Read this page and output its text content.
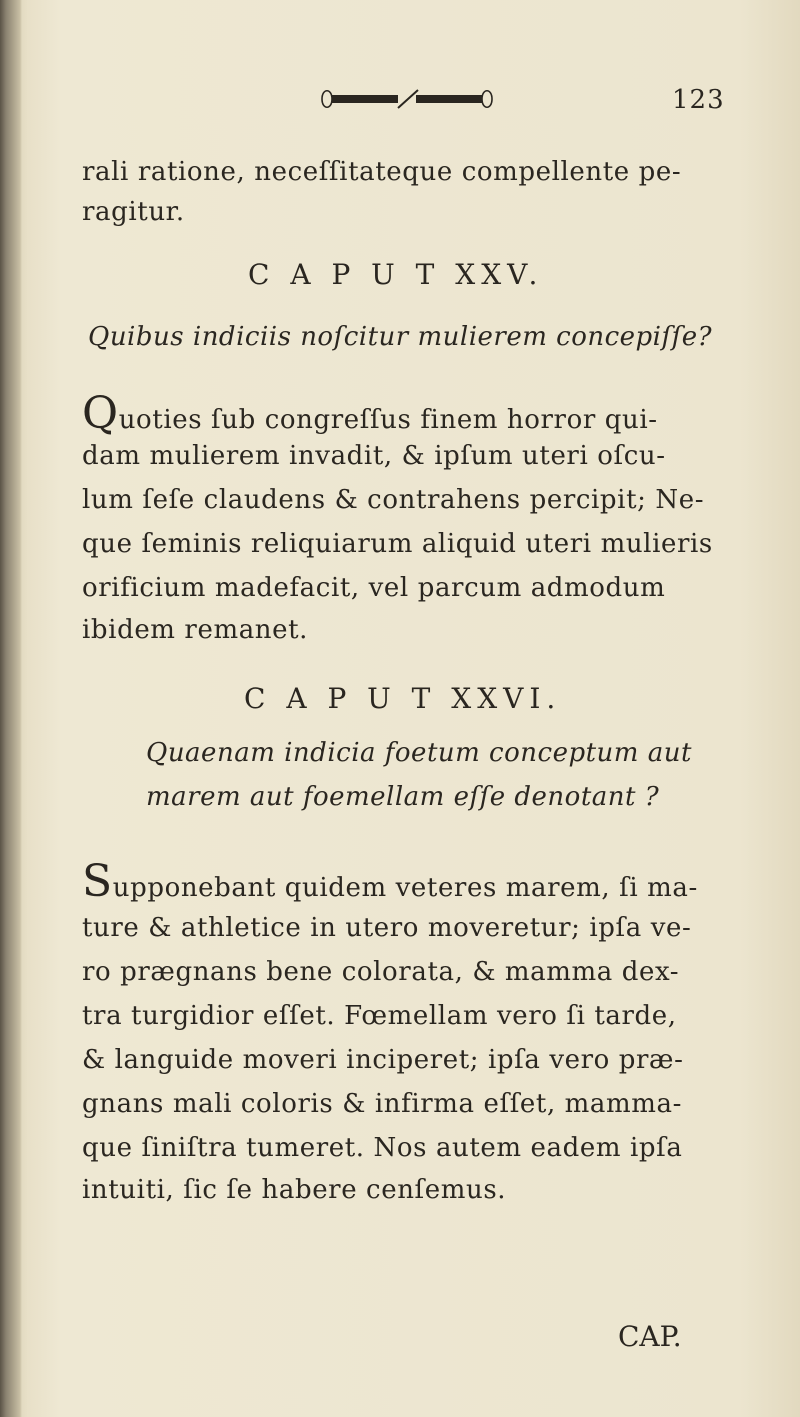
123
rali ratione, neceſſitateque compellente pe-
ragitur.
C A P U T XXV.
Quibus indiciis noſcitur mulierem concepiſſe?
Quoties ſub congreſſus finem horror qui-
dam mulierem invadit, & ipſum uteri oſcu-
lum ſeſe claudens & contrahens percipit; Ne-
que ſeminis reliquiarum aliquid uteri mulieris
orificium madefacit, vel parcum admodum
ibidem remanet.
C A P U T XXVI.
Quaenam indicia foetum conceptum aut
marem aut foemellam eſſe denotant ?
Supponebant quidem veteres marem, ſi ma-
ture & athletice in utero moveretur; ipſa ve-
ro prægnans bene colorata, & mamma dex-
tra turgidior eſſet. Fœmellam vero ſi tarde,
& languide moveri inciperet; ipſa vero præ-
gnans mali coloris & infirma eſſet, mamma-
que ſiniſtra tumeret. Nos autem eadem ipſa
intuiti, ſic ſe habere cenſemus.
CAP.
